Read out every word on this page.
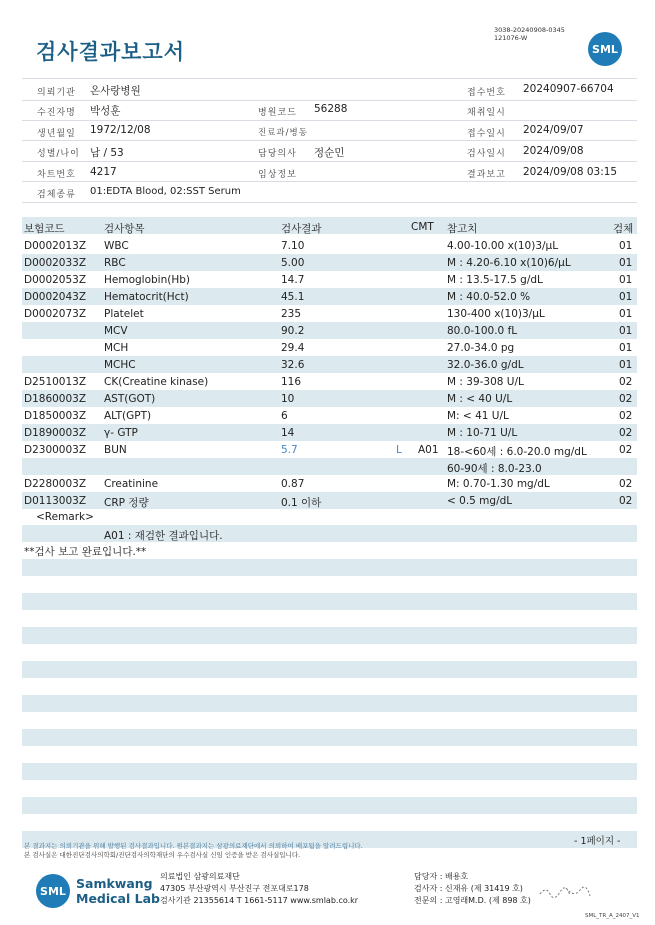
검사결과보고서
3038-20240908-0345
121076-W
SML
의뢰기관 온사랑병원	접수번호 20240907-66704
수진자명 박성훈	병원코드 56288	채취일시
생년월일 1972/12/08	진료과/병동	접수일시 2024/09/07
성별/나이 남 / 53	담당의사 정순민	검사일시 2024/09/08
차트번호 4217	임상정보	결과보고 2024/09/08 03:15
검체종류 01:EDTA Blood, 02:SST Serum
보험코드	검사항목	검사결과	CMT 참고치	검체
D0002013Z WBC	7.10	4.00-10.00 x(10)3/μL	01
D0002033Z RBC	5.00	M : 4.20-6.10 x(10)6/μL	01
D0002053Z Hemoglobin(Hb)	14.7	M : 13.5-17.5 g/dL	01
D0002043Z Hematocrit(Hct)	45.1	M : 40.0-52.0 %	01
D0002073Z Platelet	235	130-400 x(10)3/μL	01
MCV	90.2	80.0-100.0 fL	01
MCH	29.4	27.0-34.0 pg	01
MCHC	32.6	32.0-36.0 g/dL	01
D2510013Z CK(Creatine kinase)	116	M : 39-308 U/L	02
D1860003Z AST(GOT)	10	M : < 40 U/L	02
D1850003Z ALT(GPT)	6	M: < 41 U/L	02
D1890003Z γ- GTP	14	M : 10-71 U/L	02
D2300003Z BUN	5.7	L A01 18-<60세 : 6.0-20.0 mg/dL	02
60-90세 : 8.0-23.0
D2280003Z Creatinine	0.87	M: 0.70-1.30 mg/dL	02
D0113003Z CRP 정량	0.1 이하	< 0.5 mg/dL	02
<Remark>
A01 : 재검한 결과입니다.
**검사 보고 완료입니다.**
본 결과지는 의뢰기관을 위해 발행된 검사결과입니다. 원본결과지는 삼광의료재단에서 의뢰하여 배포됨을 알려드립니다.
본 검사실은 대한진단검사의학회/진단검사의학재단의 우수검사실 신임 인증을 받은 검사실입니다.
- 1페이지 -
SML Samkwang
Medical Lab
의료법인 삼광의료재단
47305 부산광역시 부산진구 전포대로178
검사기관 21355614 T 1661-5117 www.smlab.co.kr
담당자 : 배용호
검사자 : 신재유 (제 31419 호)
전문의 : 고영래M.D. (제 898 호)
SML_TR_A_2407_V1
